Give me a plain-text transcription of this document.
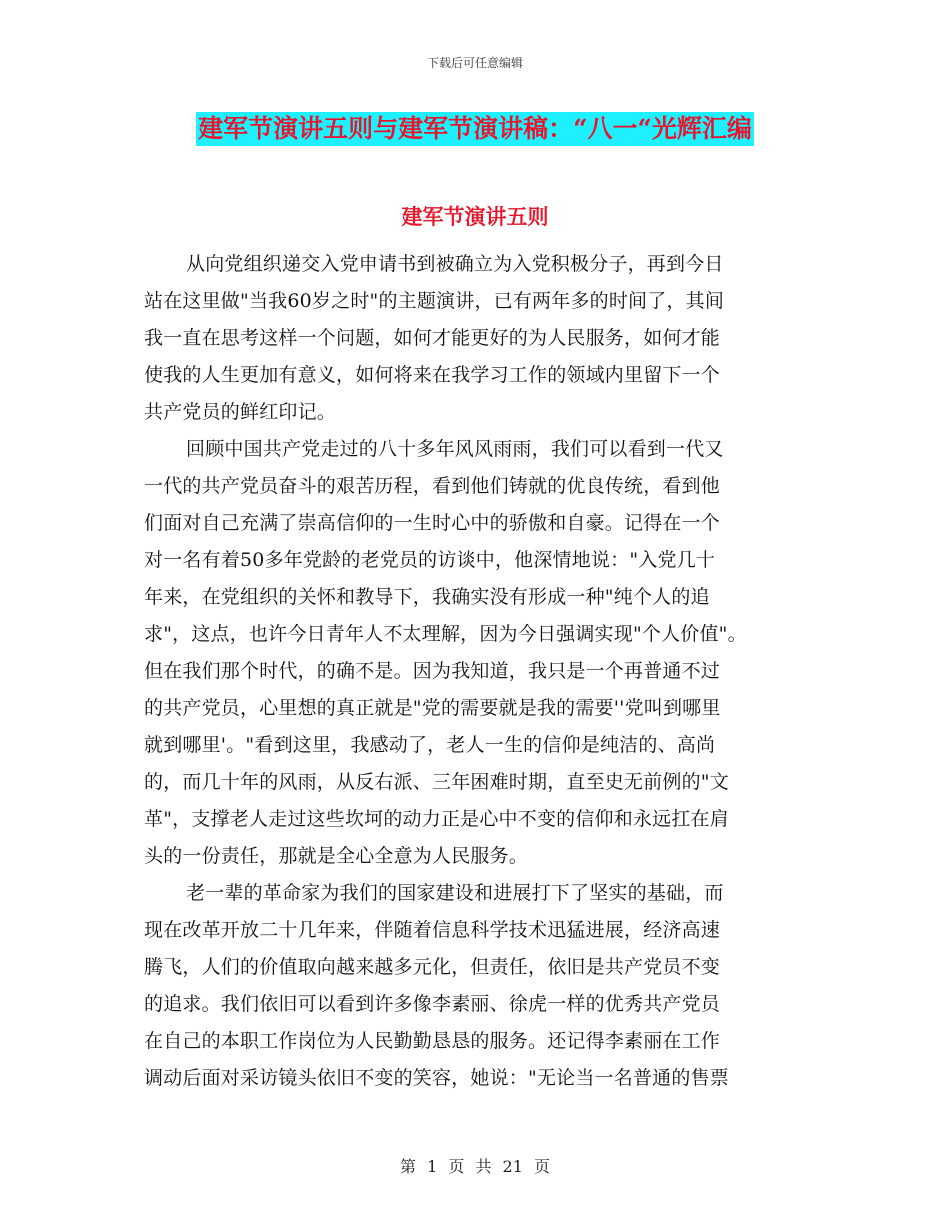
下载后可任意编辑
建军节演讲五则与建军节演讲稿：“八一“光辉汇编
建军节演讲五则

从向党组织递交入党申请书到被确立为入党积极分子，再到今日
站在这里做"当我60岁之时"的主题演讲，已有两年多的时间了，其间
我一直在思考这样一个问题，如何才能更好的为人民服务，如何才能
使我的人生更加有意义，如何将来在我学习工作的领域内里留下一个
共产党员的鲜红印记。

回顾中国共产党走过的八十多年风风雨雨，我们可以看到一代又
一代的共产党员奋斗的艰苦历程，看到他们铸就的优良传统，看到他
们面对自己充满了崇高信仰的一生时心中的骄傲和自豪。记得在一个
对一名有着50多年党龄的老党员的访谈中，他深情地说："入党几十
年来，在党组织的关怀和教导下，我确实没有形成一种"纯个人的追
求"，这点，也许今日青年人不太理解，因为今日强调实现"个人价值"。
但在我们那个时代，的确不是。因为我知道，我只是一个再普通不过
的共产党员，心里想的真正就是"党的需要就是我的需要''党叫到哪里
就到哪里'。"看到这里，我感动了，老人一生的信仰是纯洁的、高尚
的，而几十年的风雨，从反右派、三年困难时期，直至史无前例的"文
革"，支撑老人走过这些坎坷的动力正是心中不变的信仰和永远扛在肩
头的一份责任，那就是全心全意为人民服务。

老一辈的革命家为我们的国家建设和进展打下了坚实的基础，而
现在改革开放二十几年来，伴随着信息科学技术迅猛进展，经济高速
腾飞，人们的价值取向越来越多元化，但责任，依旧是共产党员不变
的追求。我们依旧可以看到许多像李素丽、徐虎一样的优秀共产党员
在自己的本职工作岗位为人民勤勤恳恳的服务。还记得李素丽在工作
调动后面对采访镜头依旧不变的笑容，她说："无论当一名普通的售票

第 1 页 共 21 页
